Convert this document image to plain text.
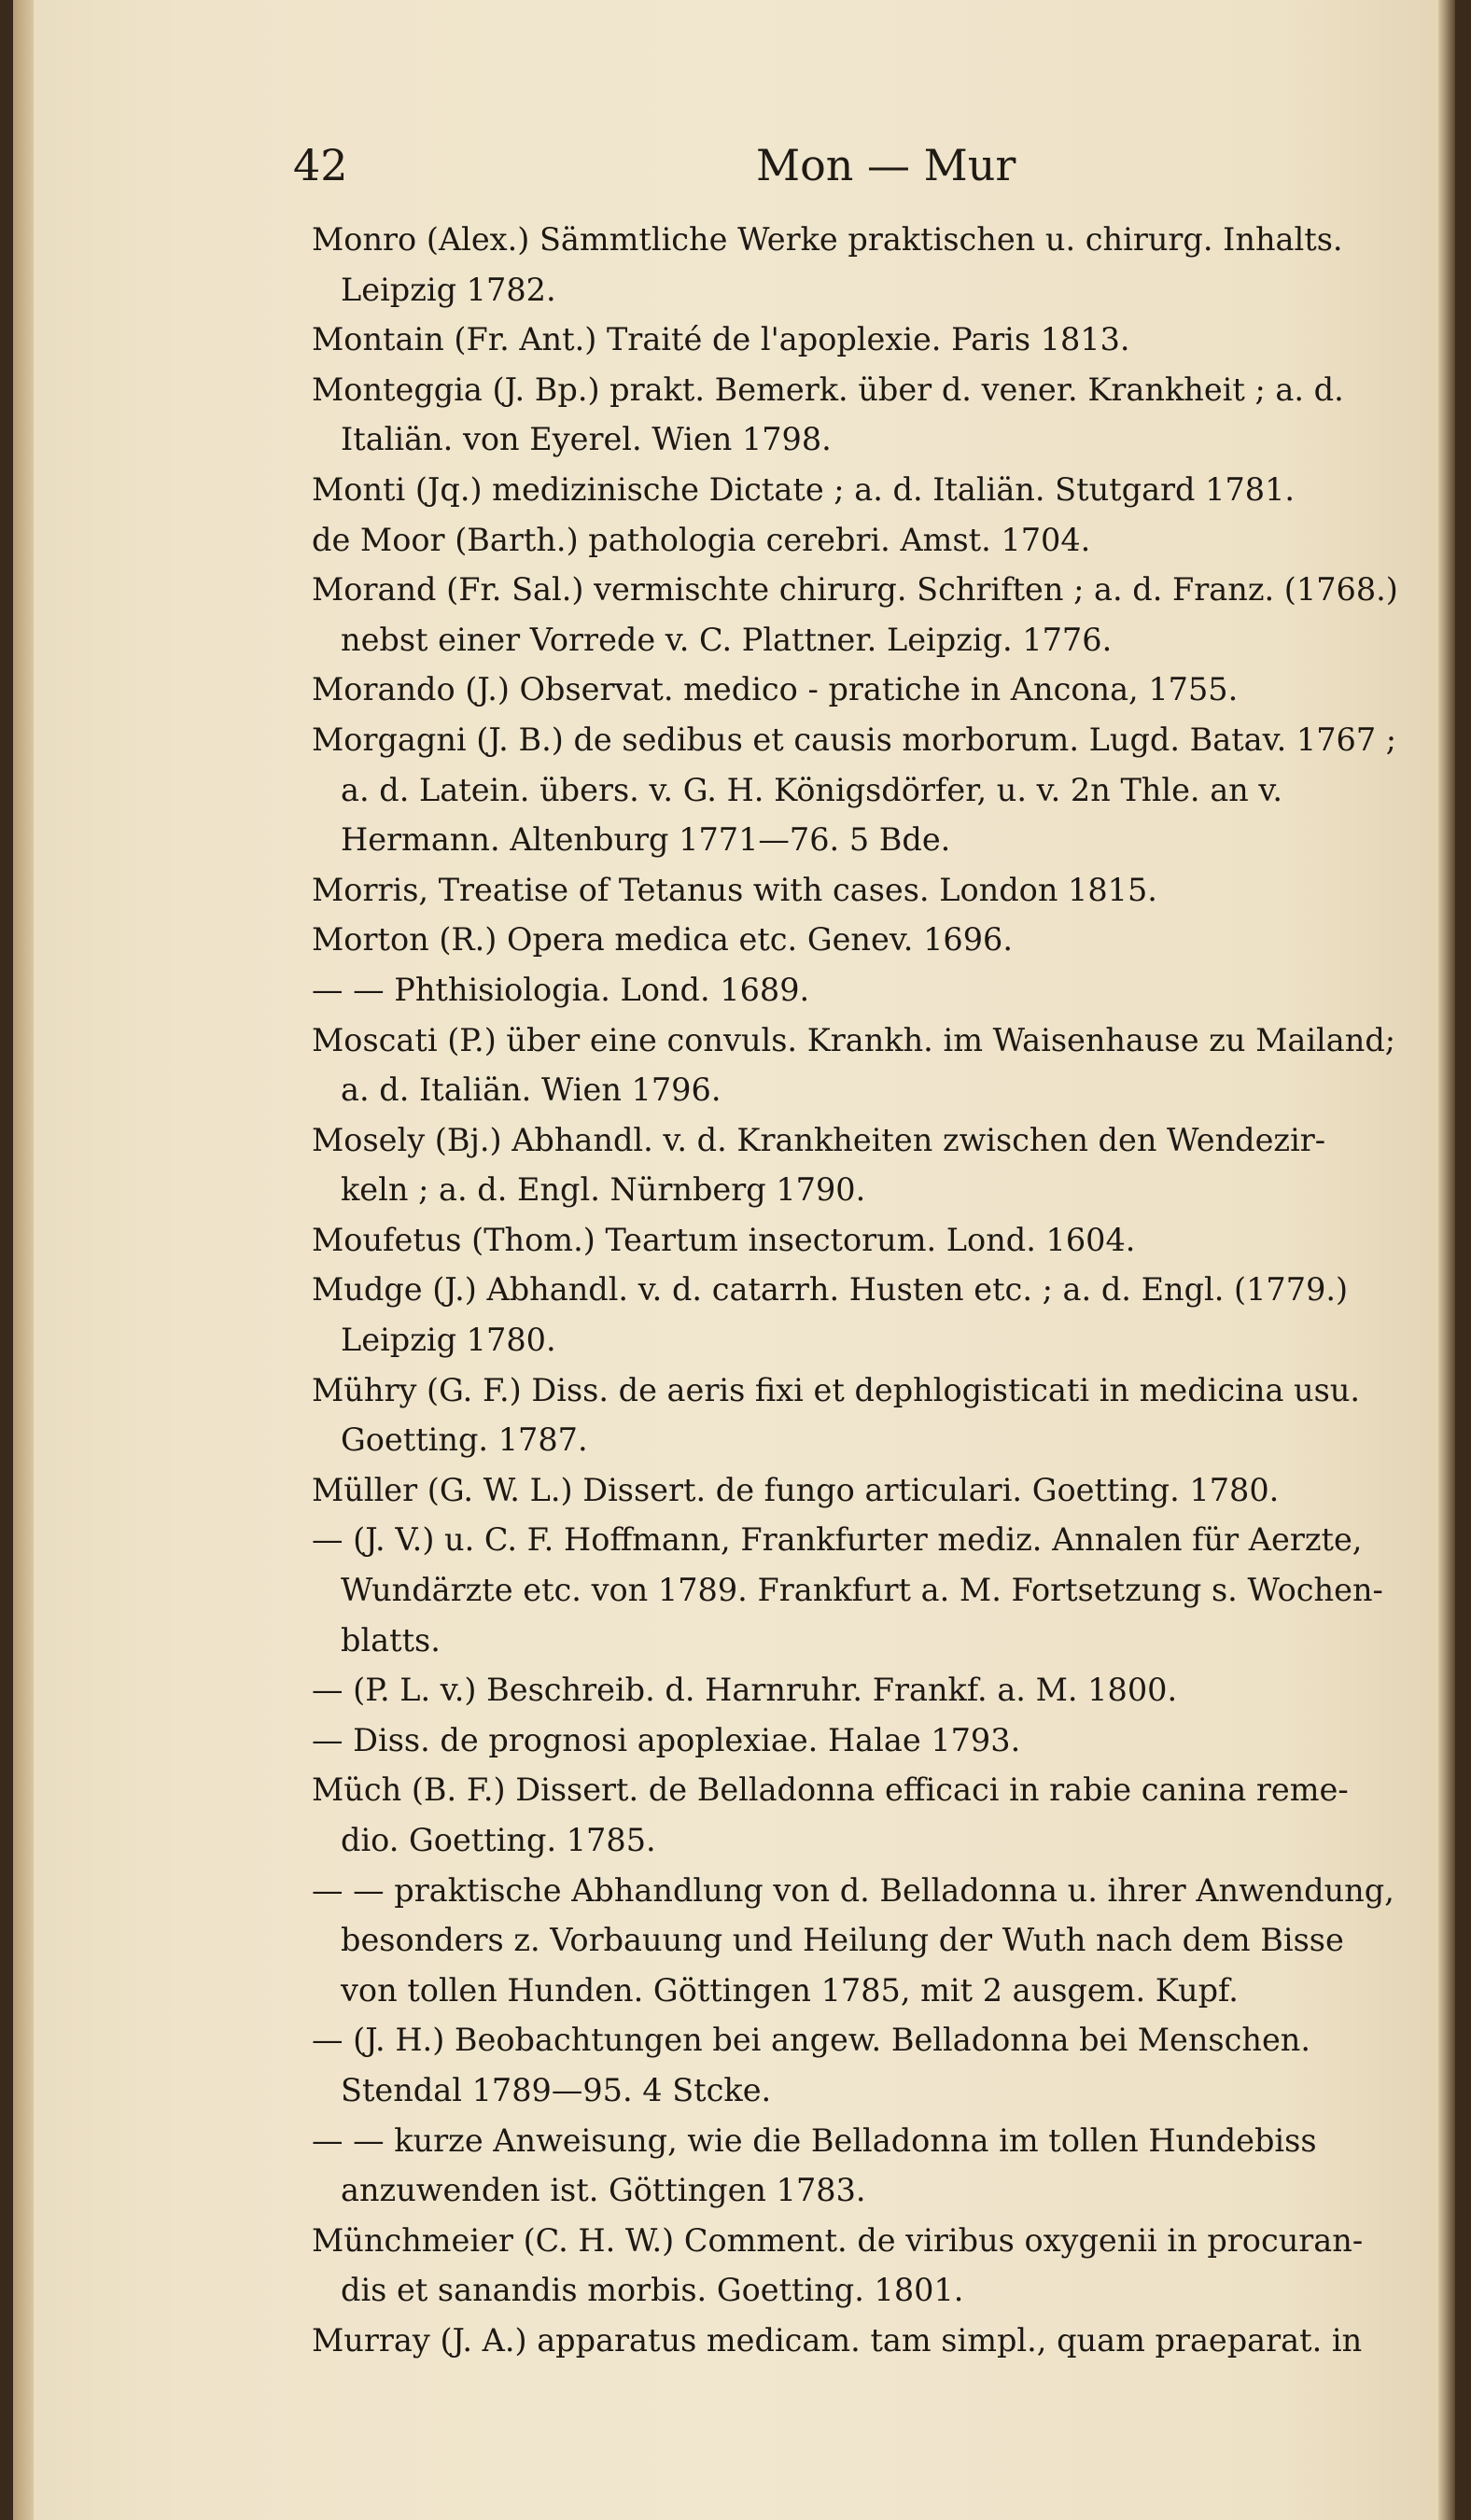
42	Mon — Mur
Monro (Alex.) Sämmtliche Werke praktischen u. chirurg. Inhalts.
Leipzig 1782.
Montain (Fr. Ant.) Traité de l'apoplexie. Paris 1813.
Monteggia (J. Bp.) prakt. Bemerk. über d. vener. Krankheit ; a. d.
Italiän. von Eyerel. Wien 1798.
Monti (Jq.) medizinische Dictate ; a. d. Italiän. Stutgard 1781.
de Moor (Barth.) pathologia cerebri. Amst. 1704.
Morand (Fr. Sal.) vermischte chirurg. Schriften ; a. d. Franz. (1768.)
nebst einer Vorrede v. C. Plattner. Leipzig. 1776.
Morando (J.) Observat. medico - pratiche in Ancona, 1755.
Morgagni (J. B.) de sedibus et causis morborum. Lugd. Batav. 1767 ;
a. d. Latein. übers. v. G. H. Königsdörfer, u. v. 2n Thle. an v.
Hermann. Altenburg 1771—76. 5 Bde.
Morris, Treatise of Tetanus with cases. London 1815.
Morton (R.) Opera medica etc. Genev. 1696.
— — Phthisiologia. Lond. 1689.
Moscati (P.) über eine convuls. Krankh. im Waisenhause zu Mailand;
a. d. Italiän. Wien 1796.
Mosely (Bj.) Abhandl. v. d. Krankheiten zwischen den Wendezir-
keln ; a. d. Engl. Nürnberg 1790.
Moufetus (Thom.) Teartum insectorum. Lond. 1604.
Mudge (J.) Abhandl. v. d. catarrh. Husten etc. ; a. d. Engl. (1779.)
Leipzig 1780.
Mühry (G. F.) Diss. de aeris fixi et dephlogisticati in medicina usu.
Goetting. 1787.
Müller (G. W. L.) Dissert. de fungo articulari. Goetting. 1780.
— (J. V.) u. C. F. Hoffmann, Frankfurter mediz. Annalen für Aerzte,
Wundärzte etc. von 1789. Frankfurt a. M. Fortsetzung s. Wochen-
blatts.
— (P. L. v.) Beschreib. d. Harnruhr. Frankf. a. M. 1800.
— Diss. de prognosi apoplexiae. Halae 1793.
Müch (B. F.) Dissert. de Belladonna efficaci in rabie canina reme-
dio. Goetting. 1785.
— — praktische Abhandlung von d. Belladonna u. ihrer Anwendung,
besonders z. Vorbauung und Heilung der Wuth nach dem Bisse
von tollen Hunden. Göttingen 1785, mit 2 ausgem. Kupf.
— (J. H.) Beobachtungen bei angew. Belladonna bei Menschen.
Stendal 1789—95. 4 Stcke.
— — kurze Anweisung, wie die Belladonna im tollen Hundebiss
anzuwenden ist. Göttingen 1783.
Münchmeier (C. H. W.) Comment. de viribus oxygenii in procuran-
dis et sanandis morbis. Goetting. 1801.
Murray (J. A.) apparatus medicam. tam simpl., quam praeparat. in
